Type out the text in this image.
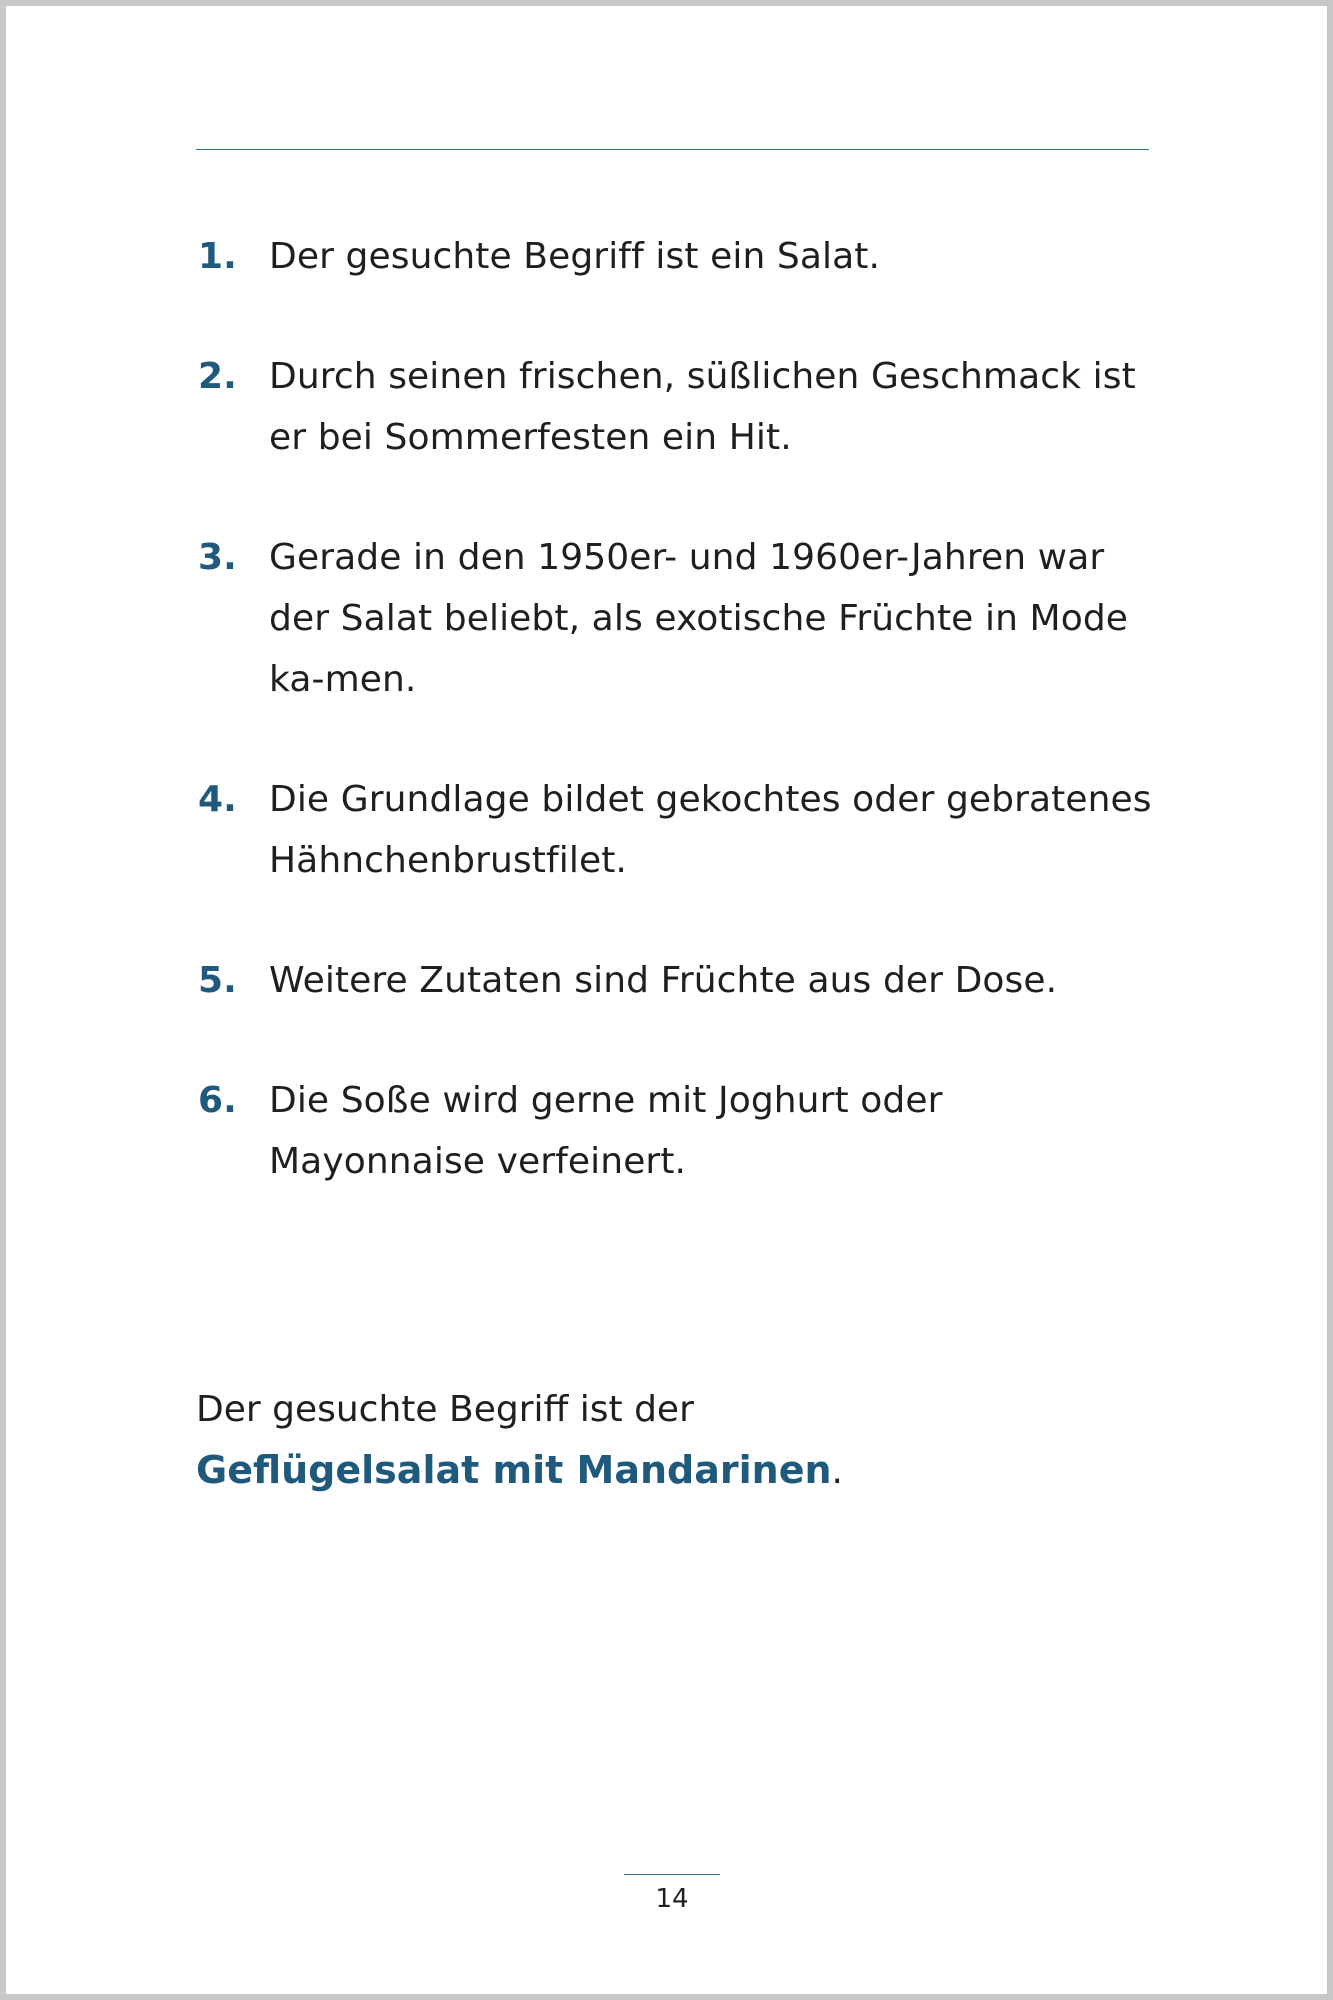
1. Der gesuchte Begriff ist ein Salat.
2. Durch seinen frischen, süßlichen Geschmack ist er bei Sommerfesten ein Hit.
3. Gerade in den 1950er- und 1960er-Jahren war der Salat beliebt, als exotische Früchte in Mode ka-men.
4. Die Grundlage bildet gekochtes oder gebratenes Hähnchenbrustfilet.
5. Weitere Zutaten sind Früchte aus der Dose.
6. Die Soße wird gerne mit Joghurt oder Mayonnaise verfeinert.
Der gesuchte Begriff ist der
Geflügelsalat mit Mandarinen.
14
